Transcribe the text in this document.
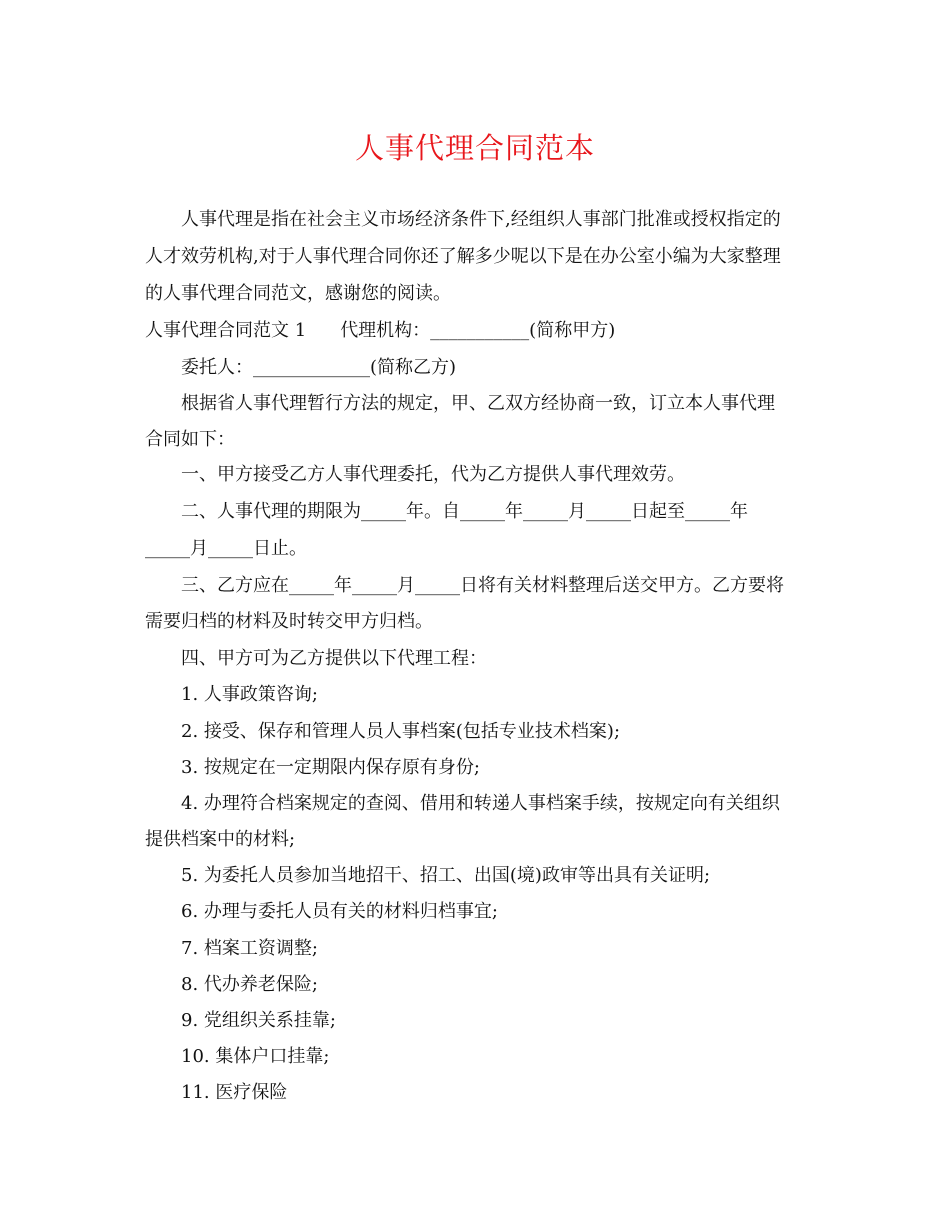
人事代理合同范本
人事代理是指在社会主义市场经济条件下,经组织人事部门批准或授权指定的
人才效劳机构,对于人事代理合同你还了解多少呢以下是在办公室小编为大家整理
的人事代理合同范文，感谢您的阅读。
人事代理合同范文 1 代理机构：___________(简称甲方)
委托人：_____________(简称乙方)
根据省人事代理暂行方法的规定，甲、乙双方经协商一致，订立本人事代理
合同如下：
一、甲方接受乙方人事代理委托，代为乙方提供人事代理效劳。
二、人事代理的期限为_____年。自_____年_____月_____日起至_____年
_____月_____日止。
三、乙方应在_____年_____月_____日将有关材料整理后送交甲方。乙方要将
需要归档的材料及时转交甲方归档。
四、甲方可为乙方提供以下代理工程：
1. 人事政策咨询;
2. 接受、保存和管理人员人事档案(包括专业技术档案);
3. 按规定在一定期限内保存原有身份;
4. 办理符合档案规定的查阅、借用和转递人事档案手续，按规定向有关组织
提供档案中的材料;
5. 为委托人员参加当地招干、招工、出国(境)政审等出具有关证明;
6. 办理与委托人员有关的材料归档事宜;
7. 档案工资调整;
8. 代办养老保险;
9. 党组织关系挂靠;
10. 集体户口挂靠;
11. 医疗保险
